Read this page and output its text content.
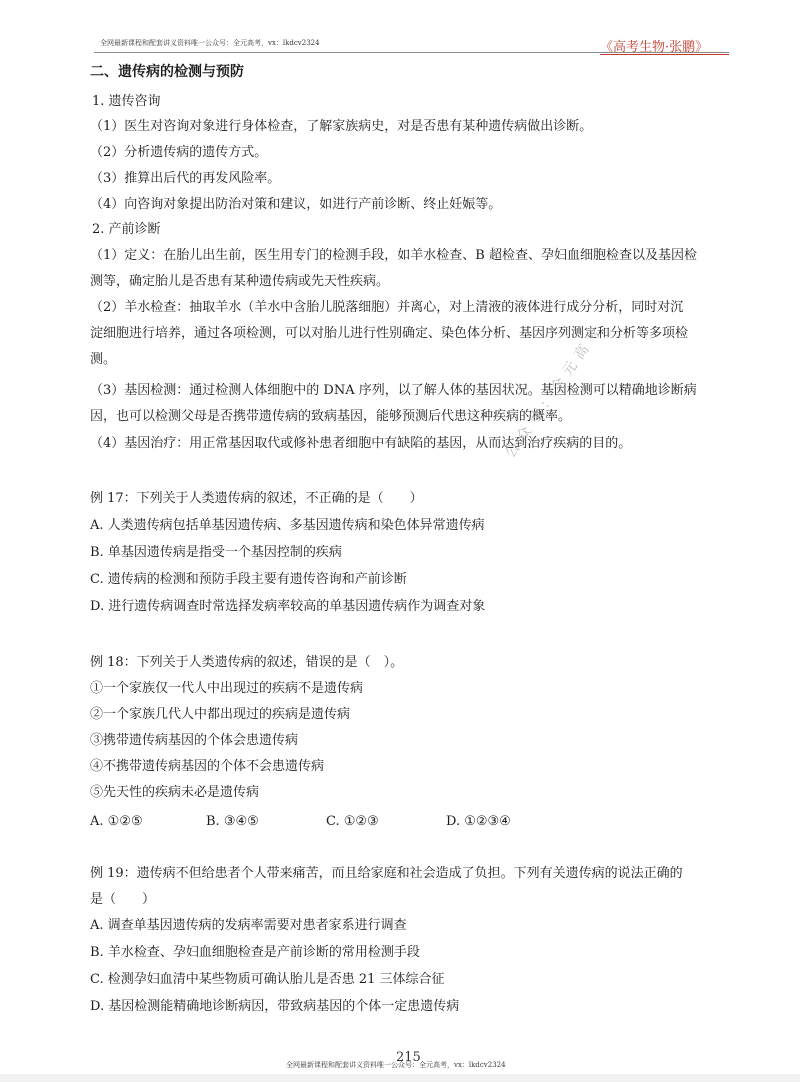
全网最新课程和配套讲义资料唯一公众号：全元高考，vx：lkdcv2324	《高考生物·张鹏》
二、遗传病的检测与预防
1. 遗传咨询
（1）医生对咨询对象进行身体检查，了解家族病史，对是否患有某种遗传病做出诊断。
（2）分析遗传病的遗传方式。
（3）推算出后代的再发风险率。
（4）向咨询对象提出防治对策和建议，如进行产前诊断、终止妊娠等。
2. 产前诊断
（1）定义：在胎儿出生前，医生用专门的检测手段，如羊水检查、B 超检查、孕妇血细胞检查以及基因检
测等，确定胎儿是否患有某种遗传病或先天性疾病。
（2）羊水检查：抽取羊水（羊水中含胎儿脱落细胞）并离心，对上清液的液体进行成分分析，同时对沉
淀细胞进行培养，通过各项检测，可以对胎儿进行性别确定、染色体分析、基因序列测定和分析等多项检
测。
（3）基因检测：通过检测人体细胞中的 DNA 序列，以了解人体的基因状况。基因检测可以精确地诊断病
因，也可以检测父母是否携带遗传病的致病基因，能够预测后代患这种疾病的概率。
（4）基因治疗：用正常基因取代或修补患者细胞中有缺陷的基因，从而达到治疗疾病的目的。
例 17：下列关于人类遗传病的叙述，不正确的是（　　）
A. 人类遗传病包括单基因遗传病、多基因遗传病和染色体异常遗传病
B. 单基因遗传病是指受一个基因控制的疾病
C. 遗传病的检测和预防手段主要有遗传咨询和产前诊断
D. 进行遗传病调查时常选择发病率较高的单基因遗传病作为调查对象
例 18：下列关于人类遗传病的叙述，错误的是（　）。
①一个家族仅一代人中出现过的疾病不是遗传病
②一个家族几代人中都出现过的疾病是遗传病
③携带遗传病基因的个体会患遗传病
④不携带遗传病基因的个体不会患遗传病
⑤先天性的疾病未必是遗传病
A. ①②⑤	B. ③④⑤	C. ①②③	D. ①②③④
例 19：遗传病不但给患者个人带来痛苦，而且给家庭和社会造成了负担。下列有关遗传病的说法正确的
是（　　）
A. 调查单基因遗传病的发病率需要对患者家系进行调查
B. 羊水检查、孕妇血细胞检查是产前诊断的常用检测手段
C. 检测孕妇血清中某些物质可确认胎儿是否患 21 三体综合征
D. 基因检测能精确地诊断病因，带致病基因的个体一定患遗传病
公众号：全元高考
215
全网最新课程和配套讲义资料唯一公众号：全元高考，vx：lkdcv2324
